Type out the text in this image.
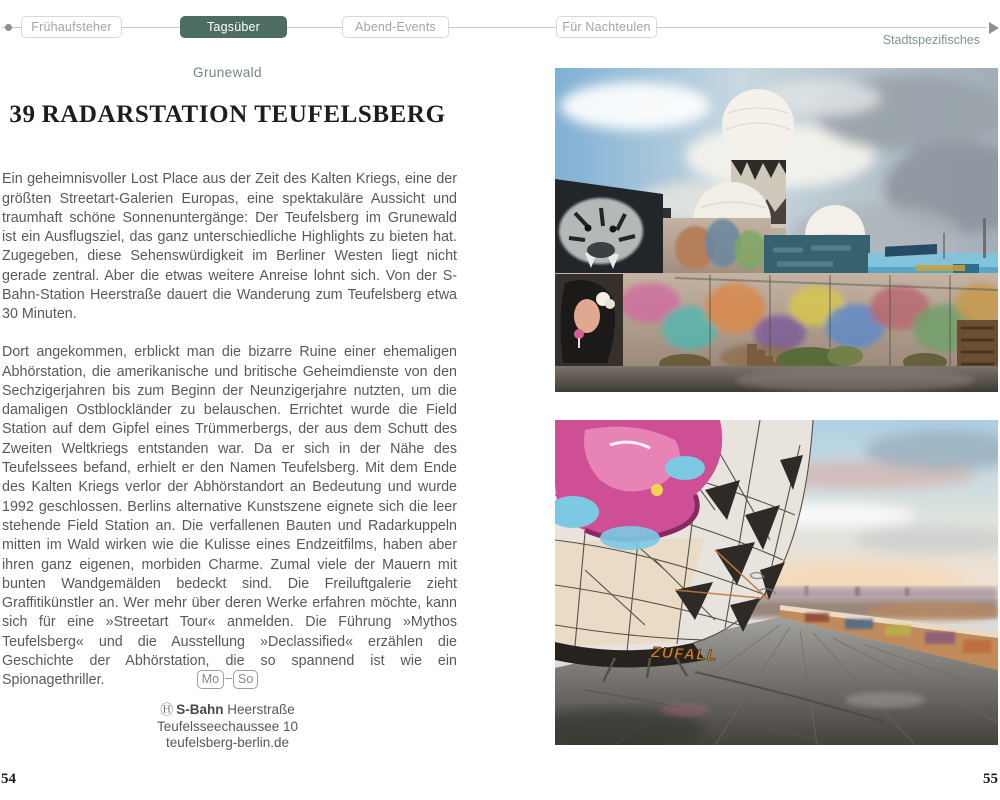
Frühaufsteher	Tagsüber	Abend-Events	Für Nachteulen
Stadtspezifisches
Grunewald
39 RADARSTATION TEUFELSBERG

Ein geheimnisvoller Lost Place aus der Zeit des Kalten Kriegs, eine der größten Streetart-Galerien Europas, eine spektakuläre Aussicht und traumhaft schöne Sonnenuntergänge: Der Teufelsberg im Grunewald ist ein Ausflugsziel, das ganz unterschiedliche Highlights zu bieten hat. Zugegeben, diese Sehenswürdigkeit im Berliner Westen liegt nicht gerade zentral. Aber die etwas weitere Anreise lohnt sich. Von der S-Bahn-Station Heerstraße dauert die Wanderung zum Teufelsberg etwa 30 Minuten.

Dort angekommen, erblickt man die bizarre Ruine einer ehemaligen Abhörstation, die amerikanische und britische Geheimdienste von den Sechzigerjahren bis zum Beginn der Neunzigerjahre nutzten, um die damaligen Ostblockländer zu belauschen. Errichtet wurde die Field Station auf dem Gipfel eines Trümmerbergs, der aus dem Schutt des Zweiten Weltkriegs entstanden war. Da er sich in der Nähe des Teufelssees befand, erhielt er den Namen Teufelsberg. Mit dem Ende des Kalten Kriegs verlor der Abhörstandort an Bedeutung und wurde 1992 geschlossen. Berlins alternative Kunstszene eignete sich die leer stehende Field Station an. Die verfallenen Bauten und Radarkuppeln mitten im Wald wirken wie die Kulisse eines Endzeitfilms, haben aber ihren ganz eigenen, morbiden Charme. Zumal viele der Mauern mit bunten Wandgemälden bedeckt sind. Die Freiluftgalerie zieht Graffitikünstler an. Wer mehr über deren Werke erfahren möchte, kann sich für eine »Streetart Tour« anmelden. Die Führung »Mythos Teufelsberg« und die Ausstellung »Declassified« erzählen die Geschichte der Abhörstation, die so spannend ist wie ein Spionagethriller.	Mo – So
Ⓗ S-Bahn Heerstraße
Teufelsseechaussee 10
teufelsberg-berlin.de
ZUFALL
54	55
